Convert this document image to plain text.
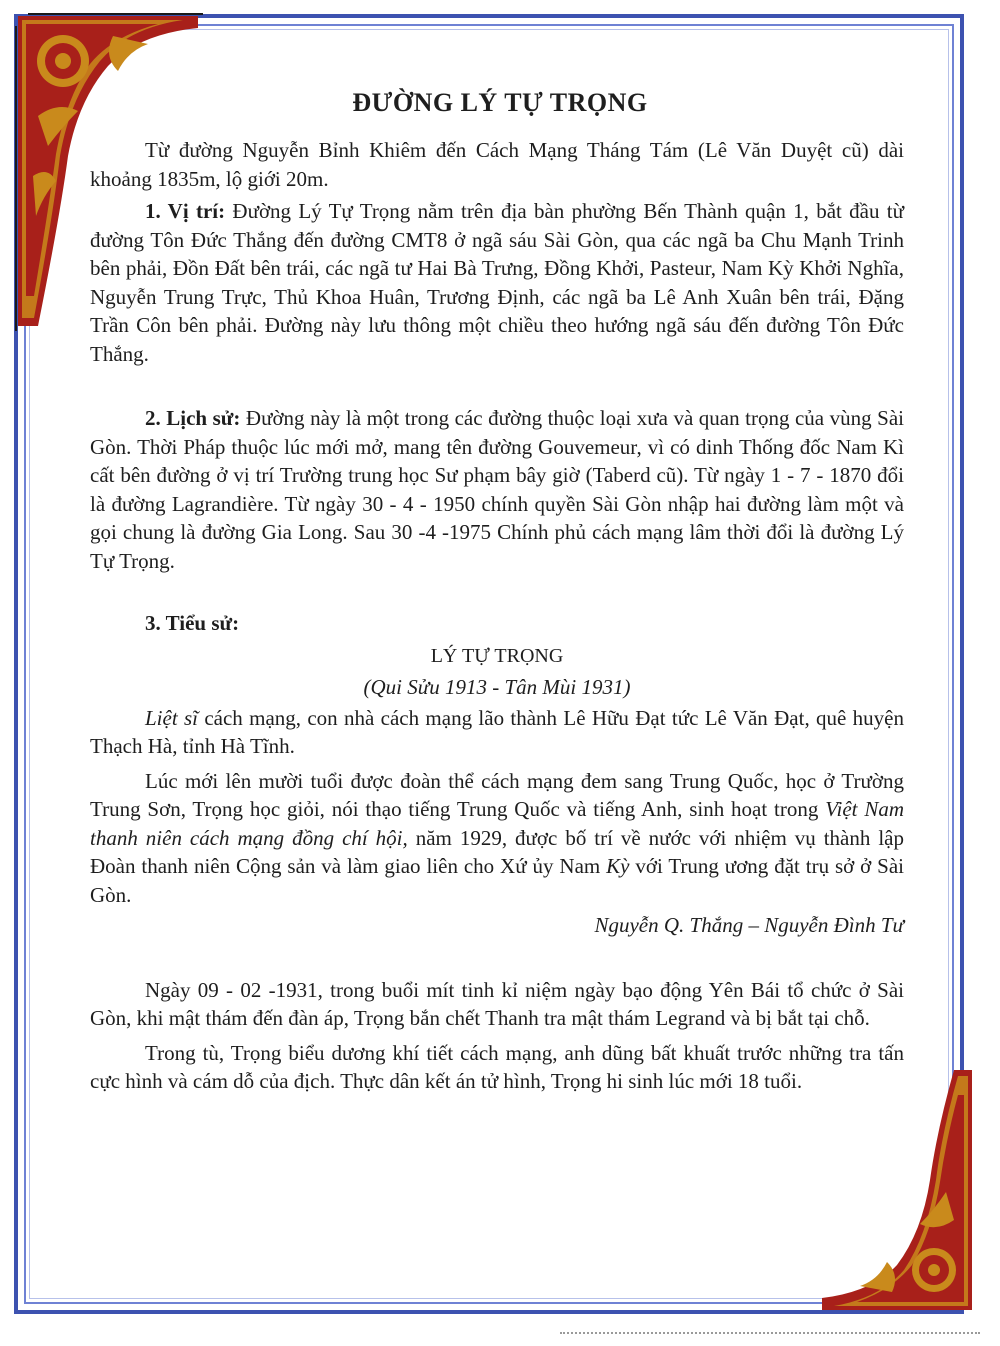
ĐƯỜNG LÝ TỰ TRỌNG

Từ đường Nguyễn Bỉnh Khiêm đến Cách Mạng Tháng Tám (Lê Văn Duyệt cũ) dài khoảng 1835m, lộ giới 20m.

1. Vị trí: Đường Lý Tự Trọng nằm trên địa bàn phường Bến Thành quận 1, bắt đầu từ đường Tôn Đức Thắng đến đường CMT8 ở ngã sáu Sài Gòn, qua các ngã ba Chu Mạnh Trinh bên phải, Đồn Đất bên trái, các ngã tư Hai Bà Trưng, Đồng Khởi, Pasteur, Nam Kỳ Khởi Nghĩa, Nguyễn Trung Trực, Thủ Khoa Huân, Trương Định, các ngã ba Lê Anh Xuân bên trái, Đặng Trần Côn bên phải. Đường này lưu thông một chiều theo hướng ngã sáu đến đường Tôn Đức Thắng.

2. Lịch sử: Đường này là một trong các đường thuộc loại xưa và quan trọng của vùng Sài Gòn. Thời Pháp thuộc lúc mới mở, mang tên đường Gouvemeur, vì có dinh Thống đốc Nam Kì cất bên đường ở vị trí Trường trung học Sư phạm bây giờ (Taberd cũ). Từ ngày 1 - 7 - 1870 đổi là đường Lagrandière. Từ ngày 30 - 4 - 1950 chính quyền Sài Gòn nhập hai đường làm một và gọi chung là đường Gia Long. Sau 30 -4 -1975 Chính phủ cách mạng lâm thời đổi là đường Lý Tự Trọng.

3. Tiểu sử:

LÝ TỰ TRỌNG

(Qui Sửu 1913 - Tân Mùi 1931)

Liệt sĩ cách mạng, con nhà cách mạng lão thành Lê Hữu Đạt tức Lê Văn Đạt, quê huyện Thạch Hà, tỉnh Hà Tĩnh.

Lúc mới lên mười tuổi được đoàn thể cách mạng đem sang Trung Quốc, học ở Trường Trung Sơn, Trọng học giỏi, nói thạo tiếng Trung Quốc và tiếng Anh, sinh hoạt trong Việt Nam thanh niên cách mạng đồng chí hội, năm 1929, được bố trí về nước với nhiệm vụ thành lập Đoàn thanh niên Cộng sản và làm giao liên cho Xứ ủy Nam Kỳ với Trung ương đặt trụ sở ở Sài Gòn.

Nguyễn Q. Thắng – Nguyễn Đình Tư

Ngày 09 - 02 -1931, trong buổi mít tinh kỉ niệm ngày bạo động Yên Bái tổ chức ở Sài Gòn, khi mật thám đến đàn áp, Trọng bắn chết Thanh tra mật thám Legrand và bị bắt tại chỗ.

Trong tù, Trọng biểu dương khí tiết cách mạng, anh dũng bất khuất trước những tra tấn cực hình và cám dỗ của địch. Thực dân kết án tử hình, Trọng hi sinh lúc mới 18 tuổi.
